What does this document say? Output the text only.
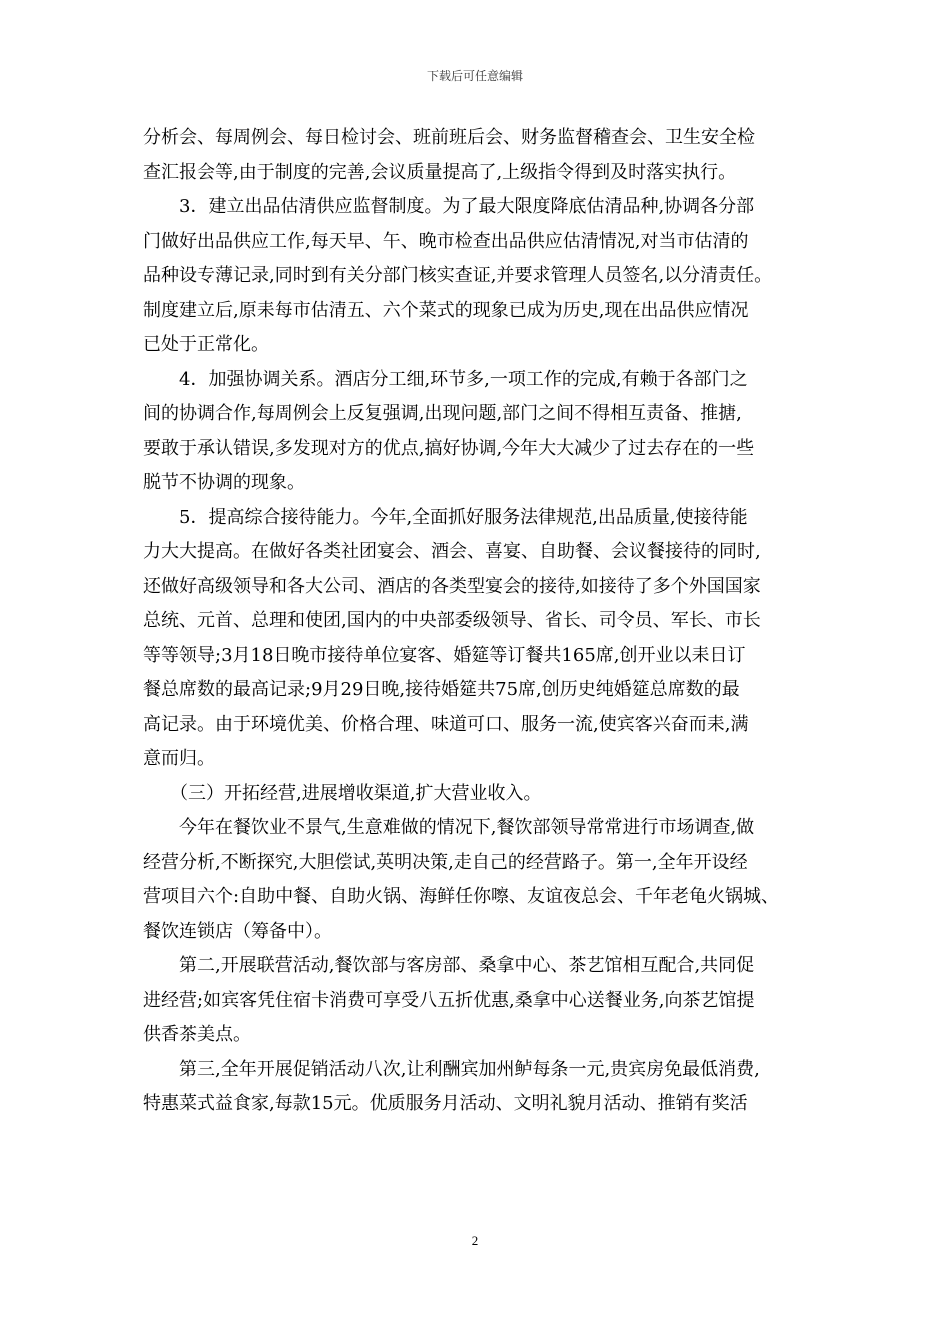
下载后可任意编辑
分析会、每周例会、每日检讨会、班前班后会、财务监督稽查会、卫生安全检
查汇报会等,由于制度的完善,会议质量提高了,上级指令得到及时落实执行。
　　3．建立出品估清供应监督制度。为了最大限度降底估清品种,协调各分部
门做好出品供应工作,每天早、午、晚市检查出品供应估清情况,对当市估清的
品种设专薄记录,同时到有关分部门核实查证,并要求管理人员签名,以分清责任。
制度建立后,原耒每市估清五、六个菜式的现象已成为历史,现在出品供应情况
已处于正常化。
　　4．加强协调关系。酒店分工细,环节多,一项工作的完成,有赖于各部门之
间的协调合作,每周例会上反复强调,出现问题,部门之间不得相互责备、推搪,
要敢于承认错误,多发现对方的优点,搞好协调,今年大大减少了过去存在的一些
脱节不协调的现象。
　　5．提高综合接待能力。今年,全面抓好服务法律规范,出品质量,使接待能
力大大提高。在做好各类社团宴会、酒会、喜宴、自助餐、会议餐接待的同时,
还做好高级领导和各大公司、酒店的各类型宴会的接待,如接待了多个外国国家
总统、元首、总理和使团,国内的中央部委级领导、省长、司令员、军长、市长
等等领导;3月18日晚市接待单位宴客、婚筵等订餐共165席,创开业以耒日订
餐总席数的最高记录;9月29日晚,接待婚筵共75席,创历史纯婚筵总席数的最
高记录。由于环境优美、价格合理、味道可口、服务一流,使宾客兴奋而耒,满
意而归。
　　（三）开拓经营,进展增收渠道,扩大营业收入。
　　今年在餐饮业不景气,生意难做的情况下,餐饮部领导常常进行市场调查,做
经营分析,不断探究,大胆偿试,英明决策,走自己的经营路子。第一,全年开设经
营项目六个:自助中餐、自助火锅、海鲜任你嚓、友谊夜总会、千年老龟火锅城、
餐饮连锁店（筹备中）。
　　第二,开展联营活动,餐饮部与客房部、桑拿中心、茶艺馆相互配合,共同促
进经营;如宾客凭住宿卡消费可享受八五折优惠,桑拿中心送餐业务,向茶艺馆提
供香茶美点。
　　第三,全年开展促销活动八次,让利酬宾加州鲈每条一元,贵宾房免最低消费,
特惠菜式益食家,每款15元。优质服务月活动、文明礼貌月活动、推销有奖活
2
